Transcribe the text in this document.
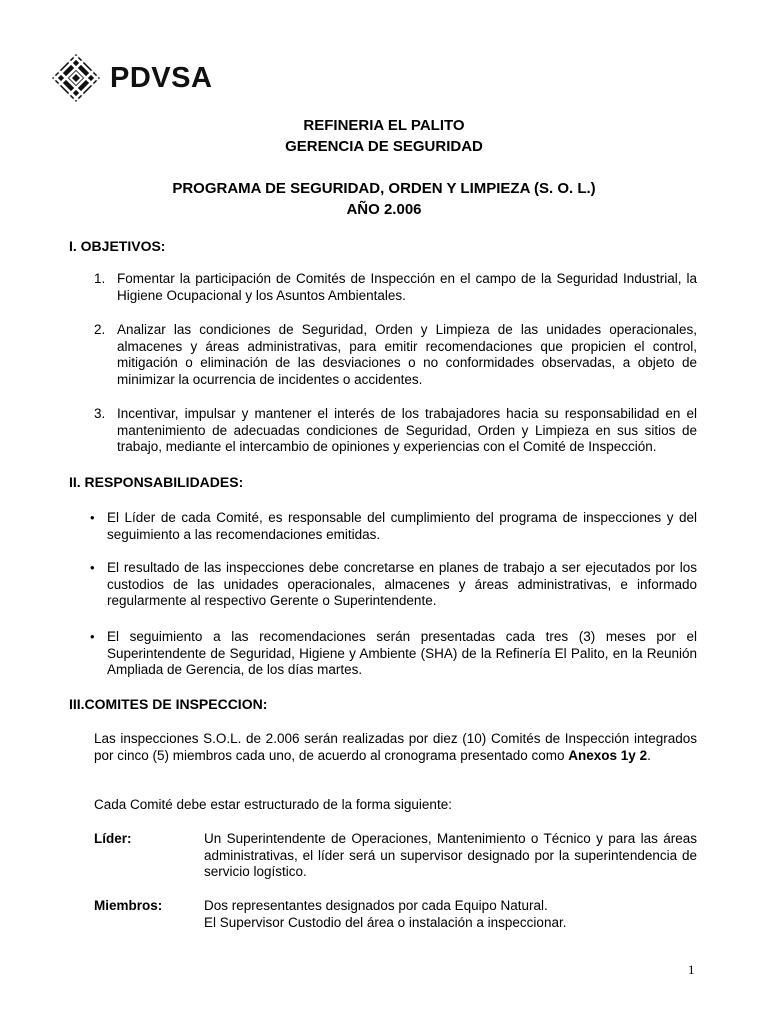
PDVSA
REFINERIA EL PALITO
GERENCIA DE SEGURIDAD
PROGRAMA DE SEGURIDAD, ORDEN Y LIMPIEZA (S. O. L.)
AÑO 2.006
I. OBJETIVOS:
1. Fomentar la participación de Comités de Inspección en el campo de la Seguridad Industrial, la Higiene Ocupacional y los Asuntos Ambientales.
2. Analizar las condiciones de Seguridad, Orden y Limpieza de las unidades operacionales, almacenes y áreas administrativas, para emitir recomendaciones que propicien el control, mitigación o eliminación de las desviaciones o no conformidades observadas, a objeto de minimizar la ocurrencia de incidentes o accidentes.
3. Incentivar, impulsar y mantener el interés de los trabajadores hacia su responsabilidad en el mantenimiento de adecuadas condiciones de Seguridad, Orden y Limpieza en sus sitios de trabajo, mediante el intercambio de opiniones y experiencias con el Comité de Inspección.
II. RESPONSABILIDADES:
• El Líder de cada Comité, es responsable del cumplimiento del programa de inspecciones y del seguimiento a las recomendaciones emitidas.
• El resultado de las inspecciones debe concretarse en planes de trabajo a ser ejecutados por los custodios de las unidades operacionales, almacenes y áreas administrativas, e informado regularmente al respectivo Gerente o Superintendente.
• El seguimiento a las recomendaciones serán presentadas cada tres (3) meses por el Superintendente de Seguridad, Higiene y Ambiente (SHA) de la Refinería El Palito, en la Reunión Ampliada de Gerencia, de los días martes.
III.COMITES DE INSPECCION:
Las inspecciones S.O.L. de 2.006 serán realizadas por diez (10) Comités de Inspección integrados por cinco (5) miembros cada uno, de acuerdo al cronograma presentado como Anexos 1y 2.
Cada Comité debe estar estructurado de la forma siguiente:
Líder:	Un Superintendente de Operaciones, Mantenimiento o Técnico y para las áreas administrativas, el líder será un supervisor designado por la superintendencia de servicio logístico.
Miembros:	Dos representantes designados por cada Equipo Natural.
El Supervisor Custodio del área o instalación a inspeccionar.
1
